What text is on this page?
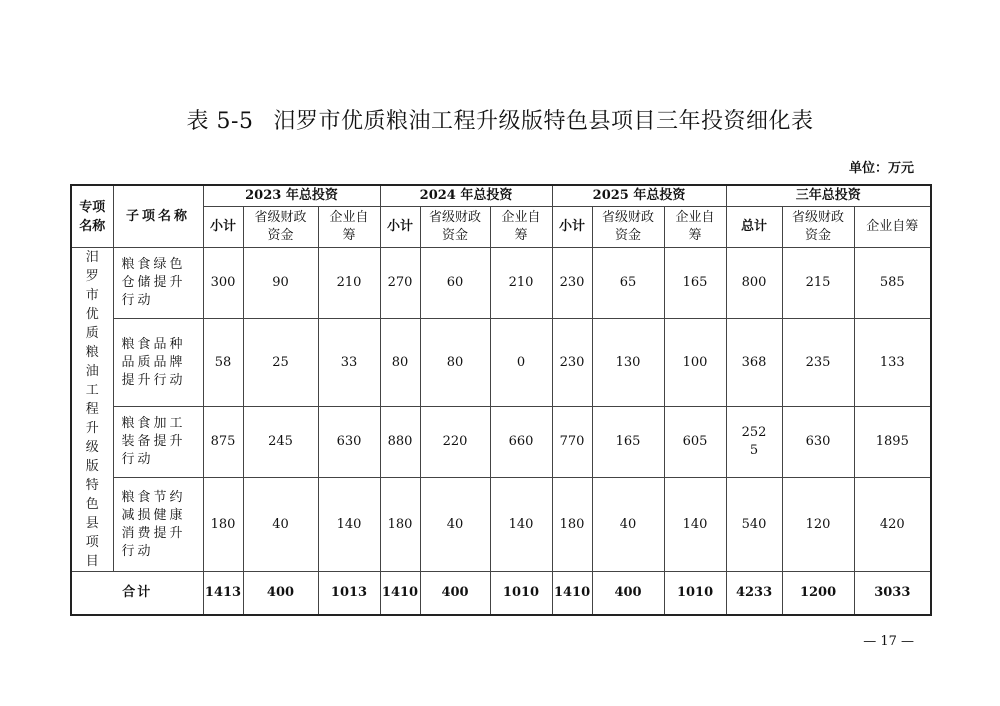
表 5-5 汨罗市优质粮油工程升级版特色县项目三年投资细化表
单位：万元
专项名称	子项名称	2023 年总投资			2024 年总投资			2025 年总投资			三年总投资		
		小计	省级财政资金	企业自筹	小计	省级财政资金	企业自筹	小计	省级财政资金	企业自筹	总计	省级财政资金	企业自筹
汨罗市优质粮油工程升级版特色县项目	粮食绿色仓储提升行动	300	90	210	270	60	210	230	65	165	800	215	585
	粮食品种品质品牌提升行动	58	25	33	80	80	0	230	130	100	368	235	133
	粮食加工装备提升行动	875	245	630	880	220	660	770	165	605	2525	630	1895
	粮食节约减损健康消费提升行动	180	40	140	180	40	140	180	40	140	540	120	420
合计		1413	400	1013	1410	400	1010	1410	400	1010	4233	1200	3033
— 17 —
